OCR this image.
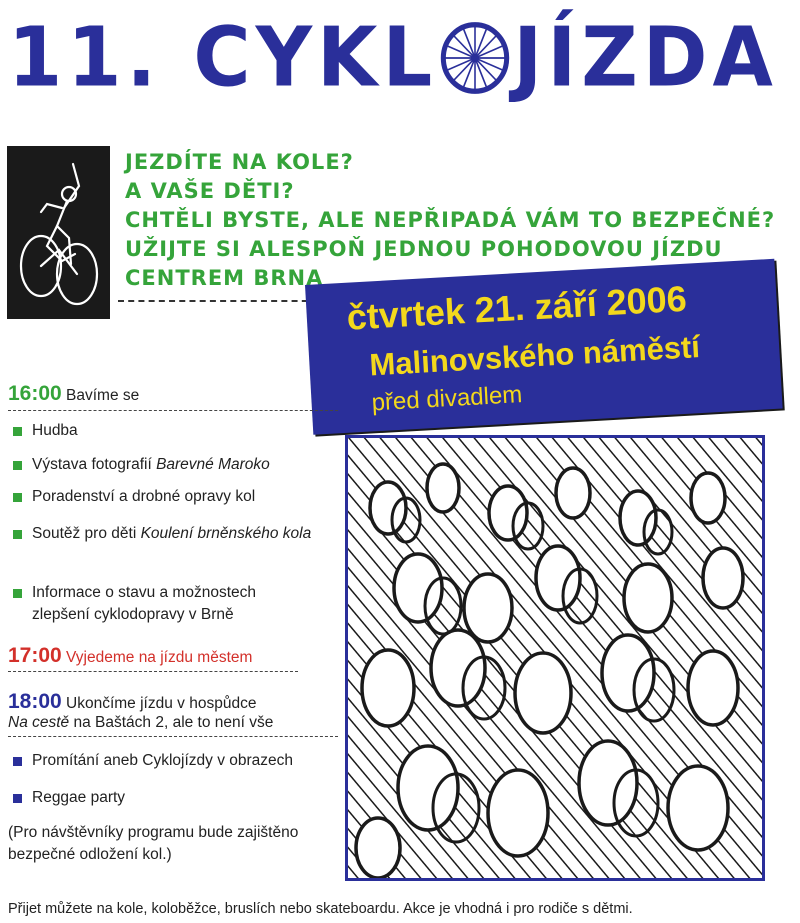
11. CYKL JÍZDA
JEZDÍTE NA KOLE?
A VAŠE DĚTI?
CHTĚLI BYSTE, ALE NEPŘIPADÁ VÁM TO BEZPEČNÉ?
UŽIJTE SI ALESPOŇ JEDNOU POHODOVOU JÍZDU
CENTREM BRNA čtvrtek 21. září 2006
Malinovského náměstí
před divadlem
16:00 Bavíme se
Hudba
Výstava fotografií Barevné Maroko
Poradenství a drobné opravy kol
Soutěž pro děti Koulení brněnského kola
Informace o stavu a možnostech zlepšení cyklodopravy v Brně
17:00 Vyjedeme na jízdu městem
18:00 Ukončíme jízdu v hospůdce
Na cestě na Baštách 2, ale to není vše
Promítání aneb Cyklojízdy v obrazech
Reggae party
(Pro návštěvníky programu bude zajištěno bezpečné odložení kol.)
Přijet můžete na kole, koloběžce, bruslích nebo skateboardu. Akce je vhodná i pro rodiče s dětmi.
